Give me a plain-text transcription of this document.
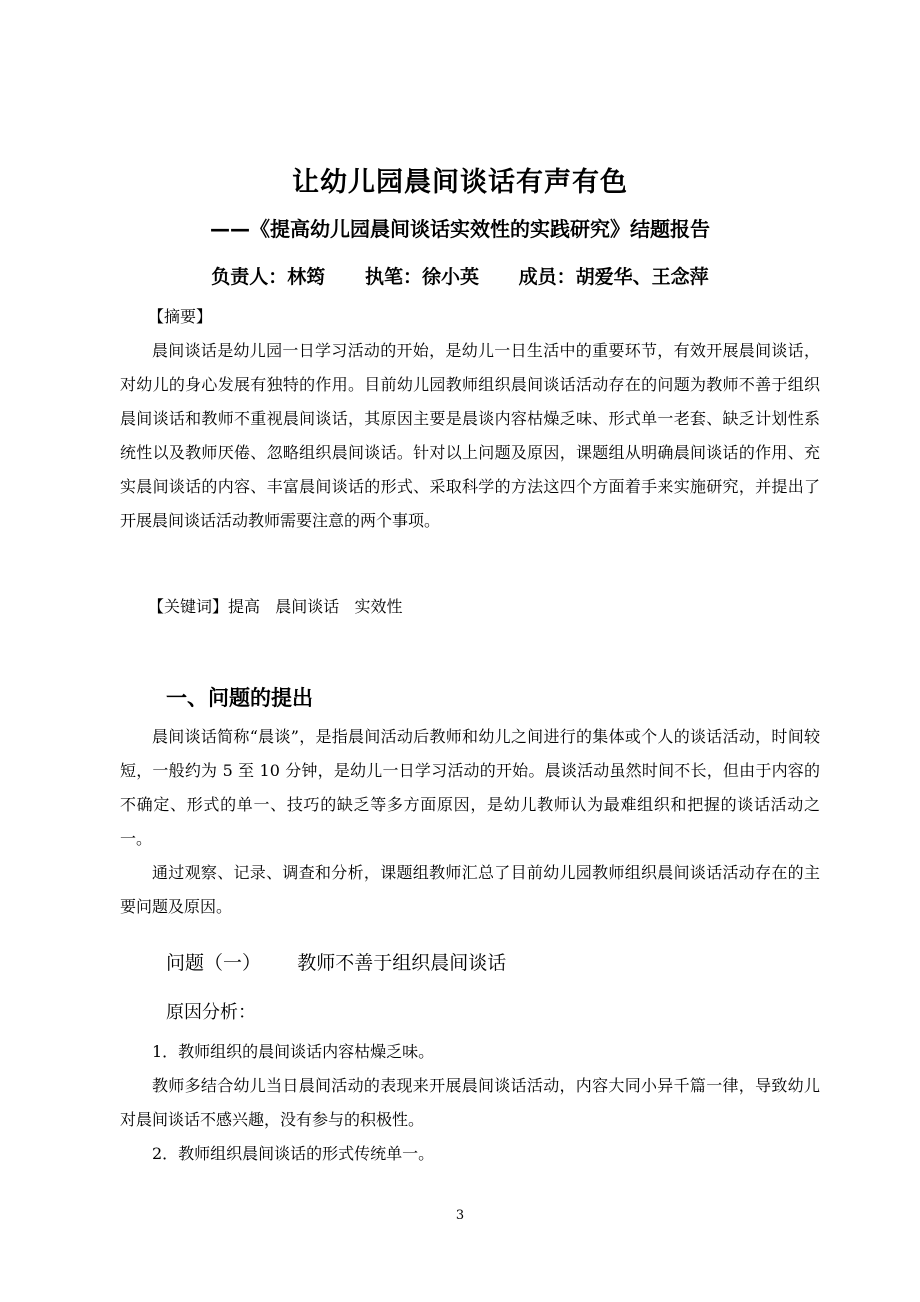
让幼儿园晨间谈话有声有色
——《提高幼儿园晨间谈话实效性的实践研究》结题报告
负责人：林筠      执笔：徐小英      成员：胡爱华、王念萍
【摘要】

晨间谈话是幼儿园一日学习活动的开始，是幼儿一日生活中的重要环节，有效开展晨间谈话，对幼儿的身心发展有独特的作用。目前幼儿园教师组织晨间谈话活动存在的问题为教师不善于组织晨间谈话和教师不重视晨间谈话，其原因主要是晨谈内容枯燥乏味、形式单一老套、缺乏计划性系统性以及教师厌倦、忽略组织晨间谈话。针对以上问题及原因，课题组从明确晨间谈话的作用、充实晨间谈话的内容、丰富晨间谈话的形式、采取科学的方法这四个方面着手来实施研究，并提出了开展晨间谈话活动教师需要注意的两个事项。

【关键词】提高   晨间谈话   实效性
一、问题的提出

晨间谈话简称“晨谈”，是指晨间活动后教师和幼儿之间进行的集体或个人的谈话活动，时间较短，一般约为 5 至 10 分钟，是幼儿一日学习活动的开始。晨谈活动虽然时间不长，但由于内容的不确定、形式的单一、技巧的缺乏等多方面原因，是幼儿教师认为最难组织和把握的谈话活动之一。

通过观察、记录、调查和分析，课题组教师汇总了目前幼儿园教师组织晨间谈话活动存在的主要问题及原因。

问题（一）      教师不善于组织晨间谈话
原因分析：

1．教师组织的晨间谈话内容枯燥乏味。

教师多结合幼儿当日晨间活动的表现来开展晨间谈话活动，内容大同小异千篇一律，导致幼儿对晨间谈话不感兴趣，没有参与的积极性。

2．教师组织晨间谈话的形式传统单一。

3
